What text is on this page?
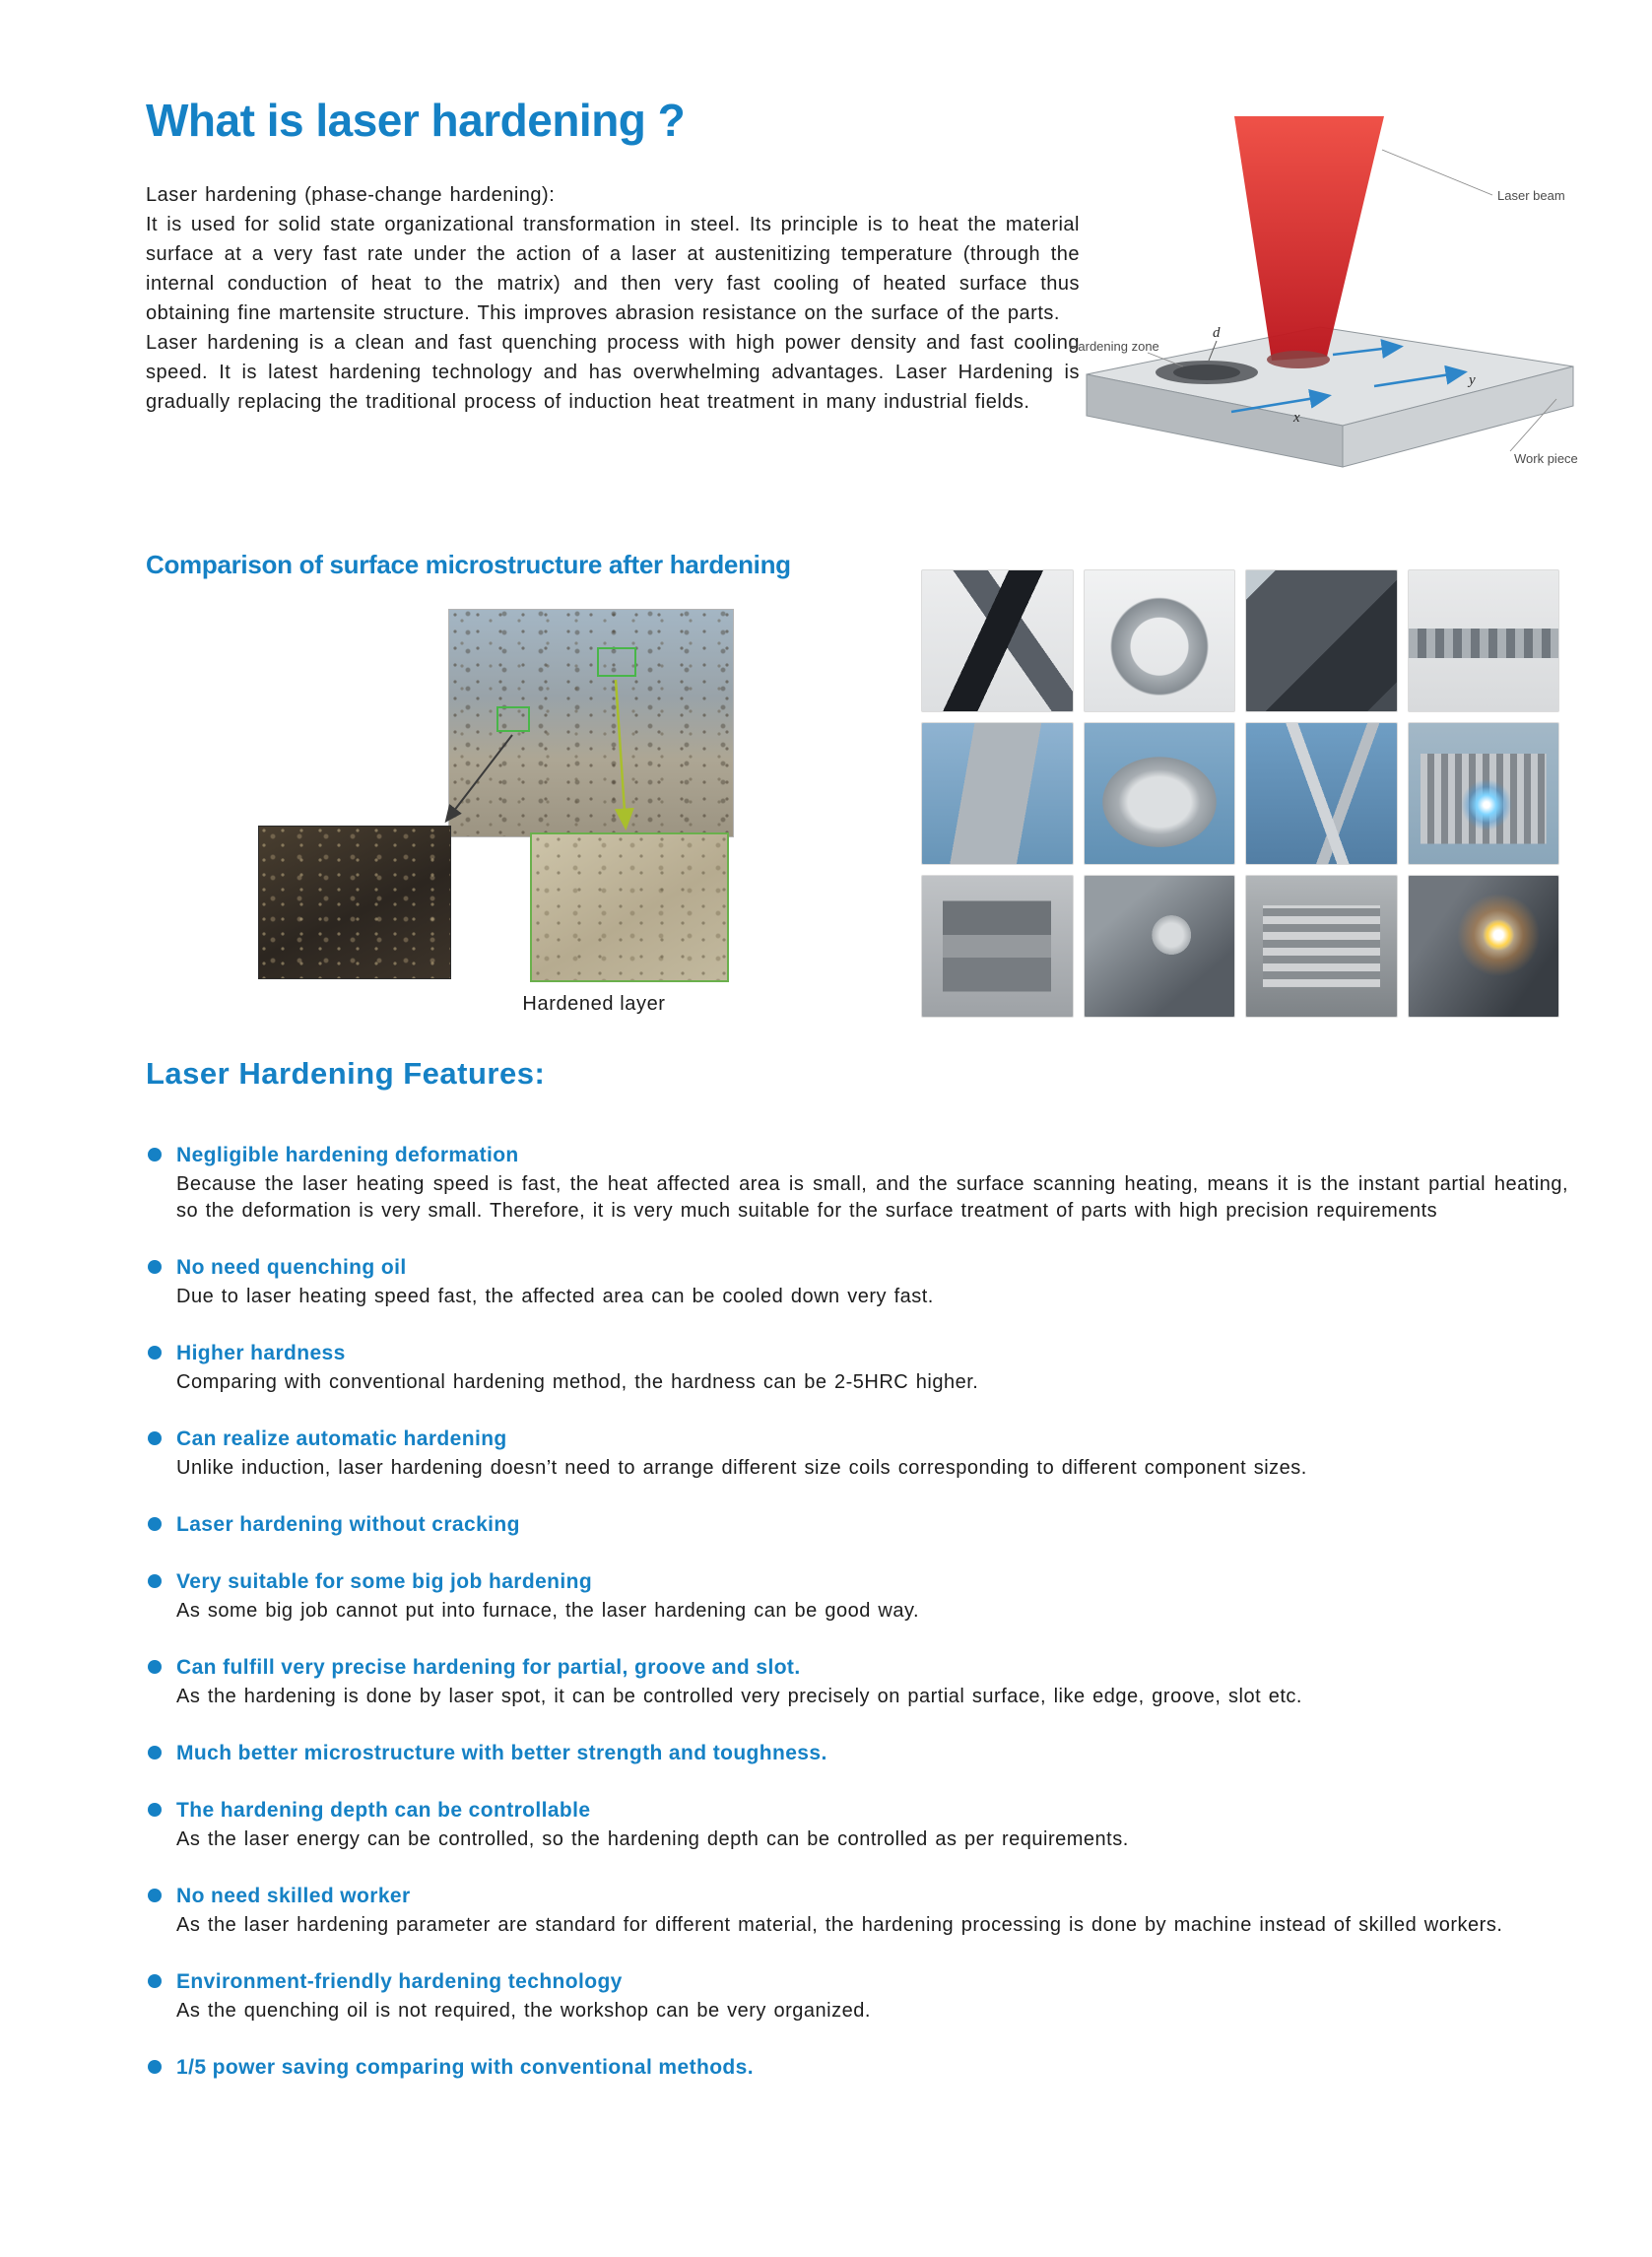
What is laser hardening ?

Laser hardening (phase-change hardening):

It is used for solid state organizational transformation in steel. Its principle is to heat the material surface at a very fast rate under the action of a laser at austenitizing temperature (through the internal conduction of heat to the matrix) and then very fast cooling of heated surface thus obtaining fine martensite structure. This improves abrasion resistance on the surface of the parts.

Laser hardening is a clean and fast quenching process with high power density and fast cooling speed. It is latest hardening technology and has overwhelming advantages. Laser Hardening is gradually replacing the traditional process of induction heat treatment in many industrial fields.

y
x
d
Laser beam
Hardening zone
Work piece
Comparison of surface microstructure after hardening
Hardened layer
Laser Hardening Features:
Negligible hardening deformation

Because the laser heating speed is fast, the heat affected area is small, and the surface scanning heating, means it is the instant partial heating, so the deformation is very small. Therefore, it is very much suitable for the surface treatment of parts with high precision requirements

No need quenching oil

Due to laser heating speed fast, the affected area can be cooled down very fast.

Higher hardness

Comparing with conventional hardening method, the hardness can be 2-5HRC higher.

Can realize automatic hardening

Unlike induction, laser hardening doesn’t need to arrange different size coils corresponding to different component sizes.

Laser hardening without cracking
Very suitable for some big job hardening

As some big job cannot put into furnace, the laser hardening can be good way.

Can fulfill very precise hardening for partial, groove and slot.

As the hardening is done by laser spot, it can be controlled very precisely on partial surface, like edge, groove, slot etc.

Much better microstructure with better strength and toughness.
The hardening depth can be controllable

As the laser energy can be controlled, so the hardening depth can be controlled as per requirements.

No need skilled worker

As the laser hardening parameter are standard for different material, the hardening processing is done by machine instead of skilled workers.

Environment-friendly hardening technology

As the quenching oil is not required, the workshop can be very organized.

1/5 power saving comparing with conventional methods.
